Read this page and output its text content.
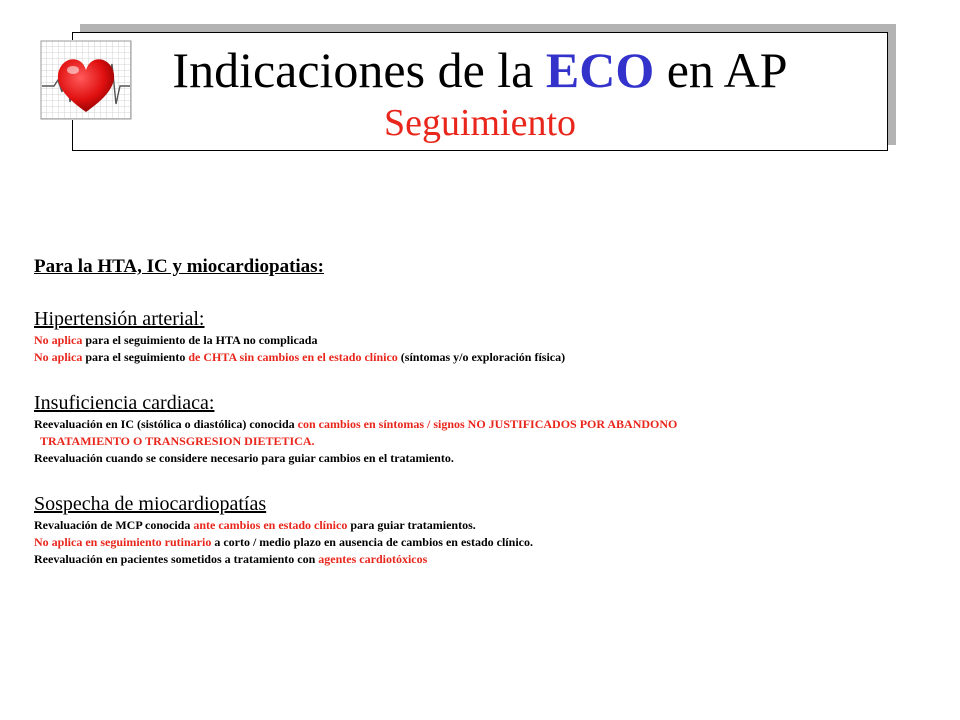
Indicaciones de la ECO en AP
Seguimiento

Para la HTA, IC y miocardiopatias:

Hipertensión arterial:

No aplica para el seguimiento de la HTA no complicada

No aplica para el seguimiento de CHTA sin cambios en el estado clínico (síntomas y/o exploración física)

Insuficiencia cardiaca:

Reevaluación en IC (sistólica o diastólica) conocida con cambios en síntomas / signos NO JUSTIFICADOS POR ABANDONO

TRATAMIENTO O TRANSGRESION DIETETICA.

Reevaluación cuando se considere necesario para guiar cambios en el tratamiento.

Sospecha de miocardiopatías

Revaluación de MCP conocida ante cambios en estado clínico para guiar tratamientos.

No aplica en seguimiento rutinario a corto / medio plazo en ausencia de cambios en estado clínico.

Reevaluación en pacientes sometidos a tratamiento con agentes cardiotóxicos
